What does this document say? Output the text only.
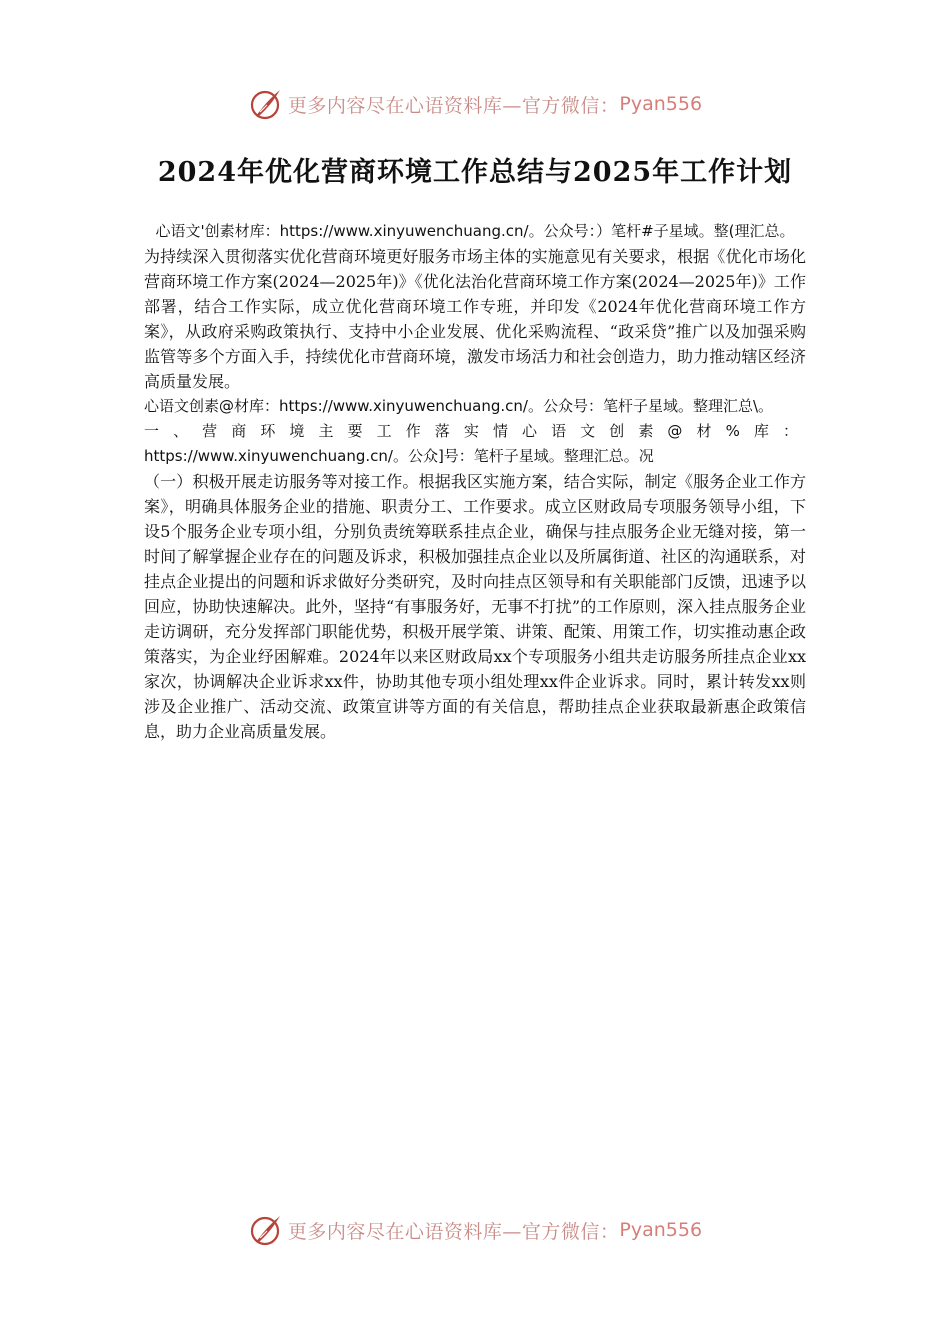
更多内容尽在心语资料库—官方微信： Pyan556
2024年优化营商环境工作总结与2025年工作计划

心语文'创素材库：https://www.xinyuwenchuang.cn/。公众号：）笔杆#子星域。整(理汇总。

为持续深入贯彻落实优化营商环境更好服务市场主体的实施意见有关要求，根据《优化市场化营商环境工作方案(2024—2025年)》《优化法治化营商环境工作方案(2024—2025年)》工作部署，结合工作实际，成立优化营商环境工作专班，并印发《2024年优化营商环境工作方案》，从政府采购政策执行、支持中小企业发展、优化采购流程、“政采贷”推广以及加强采购监管等多个方面入手，持续优化市营商环境，激发市场活力和社会创造力，助力推动辖区经济高质量发展。

心语文创素@材库：https://www.xinyuwenchuang.cn/。公众号：笔杆子星域。整理汇总\。

一、营商环境主要工作落实情心语文创素@材%库：https://www.xinyuwenchuang.cn/。公众]号：笔杆子星域。整理汇总。况

（一）积极开展走访服务等对接工作。根据我区实施方案，结合实际，制定《服务企业工作方案》，明确具体服务企业的措施、职责分工、工作要求。成立区财政局专项服务领导小组，下设5个服务企业专项小组，分别负责统筹联系挂点企业，确保与挂点服务企业无缝对接，第一时间了解掌握企业存在的问题及诉求，积极加强挂点企业以及所属街道、社区的沟通联系，对挂点企业提出的问题和诉求做好分类研究，及时向挂点区领导和有关职能部门反馈，迅速予以回应，协助快速解决。此外，坚持“有事服务好，无事不打扰”的工作原则，深入挂点服务企业走访调研，充分发挥部门职能优势，积极开展学策、讲策、配策、用策工作，切实推动惠企政策落实，为企业纾困解难。2024年以来区财政局xx个专项服务小组共走访服务所挂点企业xx家次，协调解决企业诉求xx件，协助其他专项小组处理xx件企业诉求。同时，累计转发xx则涉及企业推广、活动交流、政策宣讲等方面的有关信息，帮助挂点企业获取最新惠企政策信息，助力企业高质量发展。

更多内容尽在心语资料库—官方微信： Pyan556
